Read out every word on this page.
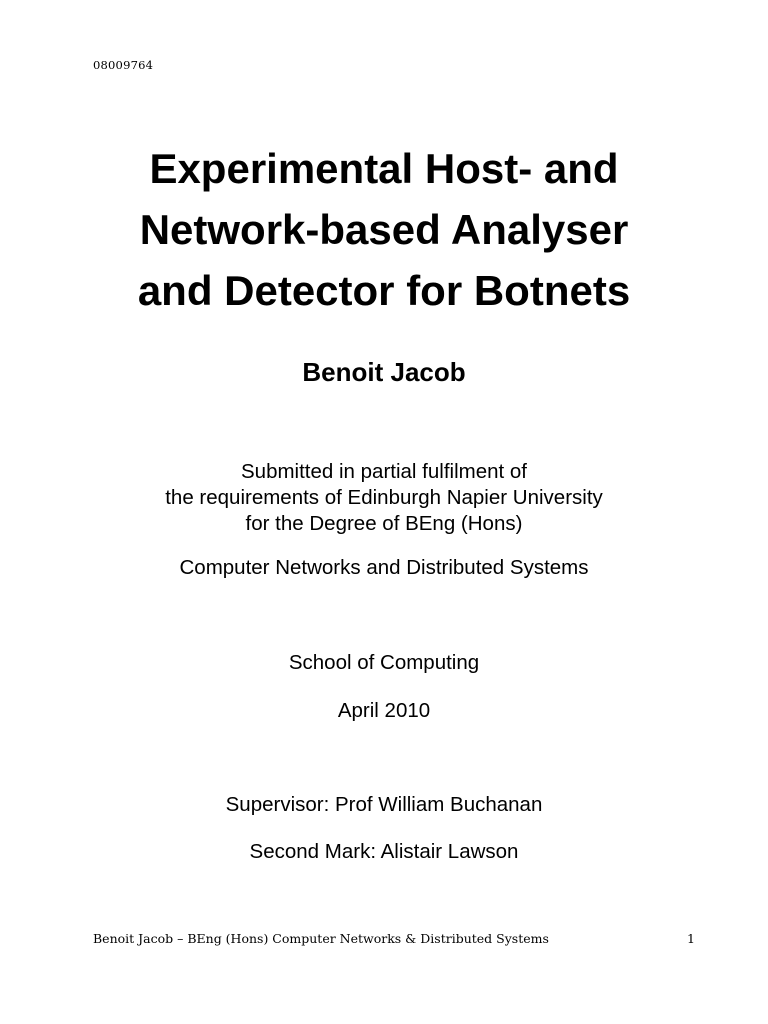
08009764
Experimental Host- and
Network-based Analyser
and Detector for Botnets
Benoit Jacob
Submitted in partial fulfilment of
the requirements of Edinburgh Napier University
for the Degree of BEng (Hons)
Computer Networks and Distributed Systems
School of Computing
April 2010
Supervisor: Prof William Buchanan
Second Mark: Alistair Lawson
Benoit Jacob – BEng (Hons) Computer Networks & Distributed Systems	1
